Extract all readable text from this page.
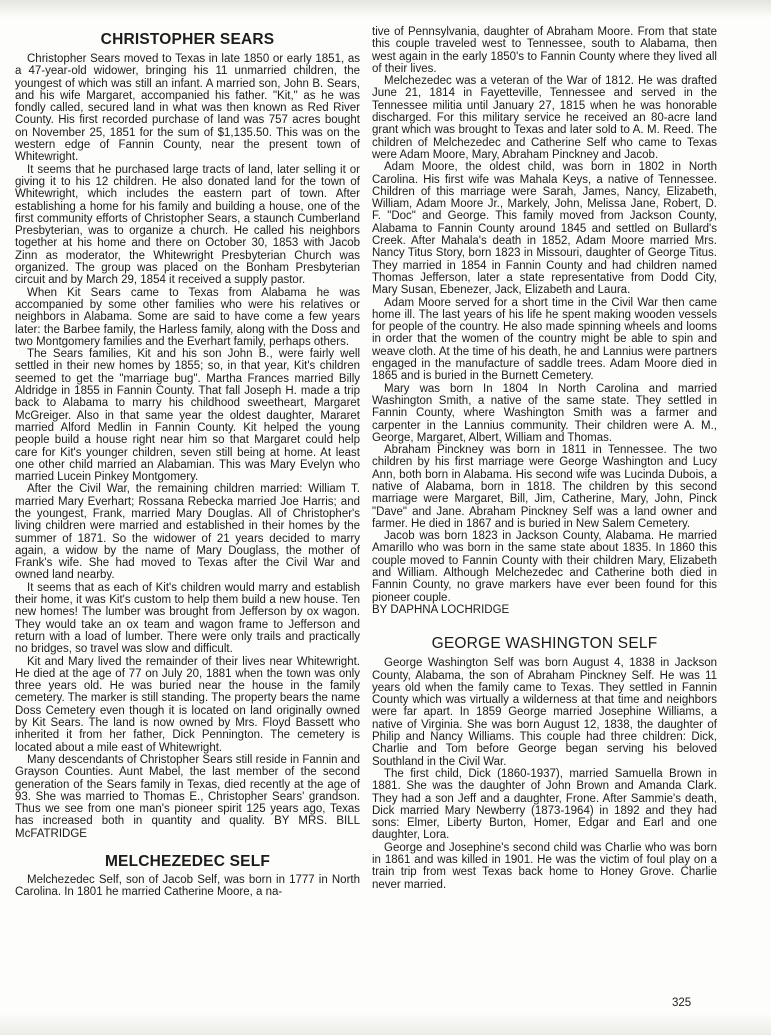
CHRISTOPHER SEARS

Christopher Sears moved to Texas in late 1850 or early 1851, as a 47-year-old widower, bringing his 11 unmarried children, the youngest of which was still an infant. A married son, John B. Sears, and his wife Margaret, accompanied his father. "Kit," as he was fondly called, secured land in what was then known as Red River County. His first recorded purchase of land was 757 acres bought on November 25, 1851 for the sum of $1,135.50. This was on the western edge of Fannin County, near the present town of Whitewright.

It seems that he purchased large tracts of land, later selling it or giving it to his 12 children. He also donated land for the town of Whitewright, which includes the eastern part of town. After establishing a home for his family and building a house, one of the first community efforts of Christopher Sears, a staunch Cumberland Presbyterian, was to organize a church. He called his neighbors together at his home and there on October 30, 1853 with Jacob Zinn as moderator, the Whitewright Presbyterian Church was organized. The group was placed on the Bonham Presbyterian circuit and by March 29, 1854 it received a supply pastor.

When Kit Sears came to Texas from Alabama he was accompanied by some other families who were his relatives or neighbors in Alabama. Some are said to have come a few years later: the Barbee family, the Harless family, along with the Doss and two Montgomery families and the Everhart family, perhaps others.

The Sears families, Kit and his son John B., were fairly well settled in their new homes by 1855; so, in that year, Kit's children seemed to get the "marriage bug". Martha Frances married Billy Aldridge in 1855 in Fannin County. That fall Joseph H. made a trip back to Alabama to marry his childhood sweetheart, Margaret McGreiger. Also in that same year the oldest daughter, Mararet married Alford Medlin in Fannin County. Kit helped the young people build a house right near him so that Margaret could help care for Kit's younger children, seven still being at home. At least one other child married an Alabamian. This was Mary Evelyn who married Lucein Pinkey Montgomery.

After the Civil War, the remaining children married: William T. married Mary Everhart; Rossana Rebecka married Joe Harris; and the youngest, Frank, married Mary Douglas. All of Christopher's living children were married and established in their homes by the summer of 1871. So the widower of 21 years decided to marry again, a widow by the name of Mary Douglass, the mother of Frank's wife. She had moved to Texas after the Civil War and owned land nearby.

It seems that as each of Kit's children would marry and establish their home, it was Kit's custom to help them build a new house. Ten new homes! The lumber was brought from Jefferson by ox wagon. They would take an ox team and wagon frame to Jefferson and return with a load of lumber. There were only trails and practically no bridges, so travel was slow and difficult.

Kit and Mary lived the remainder of their lives near Whitewright. He died at the age of 77 on July 20, 1881 when the town was only three years old. He was buried near the house in the family cemetery. The marker is still standing. The property bears the name Doss Cemetery even though it is located on land originally owned by Kit Sears. The land is now owned by Mrs. Floyd Bassett who inherited it from her father, Dick Pennington. The cemetery is located about a mile east of Whitewright.

Many descendants of Christopher Sears still reside in Fannin and Grayson Counties. Aunt Mabel, the last member of the second generation of the Sears family in Texas, died recently at the age of 93. She was married to Thomas E., Christopher Sears' grandson. Thus we see from one man's pioneer spirit 125 years ago, Texas has increased both in quantity and quality. BY MRS. BILL McFATRIDGE

MELCHEZEDEC SELF

Melchezedec Self, son of Jacob Self, was born in 1777 in North Carolina. In 1801 he married Catherine Moore, a na-

tive of Pennsylvania, daughter of Abraham Moore. From that state this couple traveled west to Tennessee, south to Alabama, then west again in the early 1850's to Fannin County where they lived all of their lives.

Melchezedec was a veteran of the War of 1812. He was drafted June 21, 1814 in Fayetteville, Tennessee and served in the Tennessee militia until January 27, 1815 when he was honorable discharged. For this military service he received an 80-acre land grant which was brought to Texas and later sold to A. M. Reed. The children of Melchezedec and Catherine Self who came to Texas were Adam Moore, Mary, Abraham Pinckney and Jacob.

Adam Moore, the oldest child, was born in 1802 in North Carolina. His first wife was Mahala Keys, a native of Tennessee. Children of this marriage were Sarah, James, Nancy, Elizabeth, William, Adam Moore Jr., Markely, John, Melissa Jane, Robert, D. F. "Doc" and George. This family moved from Jackson County, Alabama to Fannin County around 1845 and settled on Bullard's Creek. After Mahala's death in 1852, Adam Moore married Mrs. Nancy Titus Story, born 1823 in Missouri, daughter of George Titus. They married in 1854 in Fannin County and had children named Thomas Jefferson, later a state representative from Dodd City, Mary Susan, Ebenezer, Jack, Elizabeth and Laura.

Adam Moore served for a short time in the Civil War then came home ill. The last years of his life he spent making wooden vessels for people of the country. He also made spinning wheels and looms in order that the women of the country might be able to spin and weave cloth. At the time of his death, he and Lannius were partners engaged in the manufacture of saddle trees. Adam Moore died in 1865 and is buried in the Burnett Cemetery.

Mary was born In 1804 In North Carolina and married Washington Smith, a native of the same state. They settled in Fannin County, where Washington Smith was a farmer and carpenter in the Lannius community. Their children were A. M., George, Margaret, Albert, William and Thomas.

Abraham Pinckney was born in 1811 in Tennessee. The two children by his first marriage were George Washington and Lucy Ann, both born in Alabama. His second wife was Lucinda Dubois, a native of Alabama, born in 1818. The children by this second marriage were Margaret, Bill, Jim, Catherine, Mary, John, Pinck "Dave" and Jane. Abraham Pinckney Self was a land owner and farmer. He died in 1867 and is buried in New Salem Cemetery.

Jacob was born 1823 in Jackson County, Alabama. He married Amarillo who was born in the same state about 1835. In 1860 this couple moved to Fannin County with their children Mary, Elizabeth and William. Although Melchezedec and Catherine both died in Fannin County, no grave markers have ever been found for this pioneer couple.

BY DAPHNA LOCHRIDGE

GEORGE WASHINGTON SELF

George Washington Self was born August 4, 1838 in Jackson County, Alabama, the son of Abraham Pinckney Self. He was 11 years old when the family came to Texas. They settled in Fannin County which was virtually a wilderness at that time and neighbors were far apart. In 1859 George married Josephine Williams, a native of Virginia. She was born August 12, 1838, the daughter of Philip and Nancy Williams. This couple had three children: Dick, Charlie and Tom before George began serving his beloved Southland in the Civil War.

The first child, Dick (1860-1937), married Samuella Brown in 1881. She was the daughter of John Brown and Amanda Clark. They had a son Jeff and a daughter, Frone. After Sammie's death, Dick married Mary Newberry (1873-1964) in 1892 and they had sons: Elmer, Liberty Burton, Homer, Edgar and Earl and one daughter, Lora.

George and Josephine's second child was Charlie who was born in 1861 and was killed in 1901. He was the victim of foul play on a train trip from west Texas back home to Honey Grove. Charlie never married.

325
